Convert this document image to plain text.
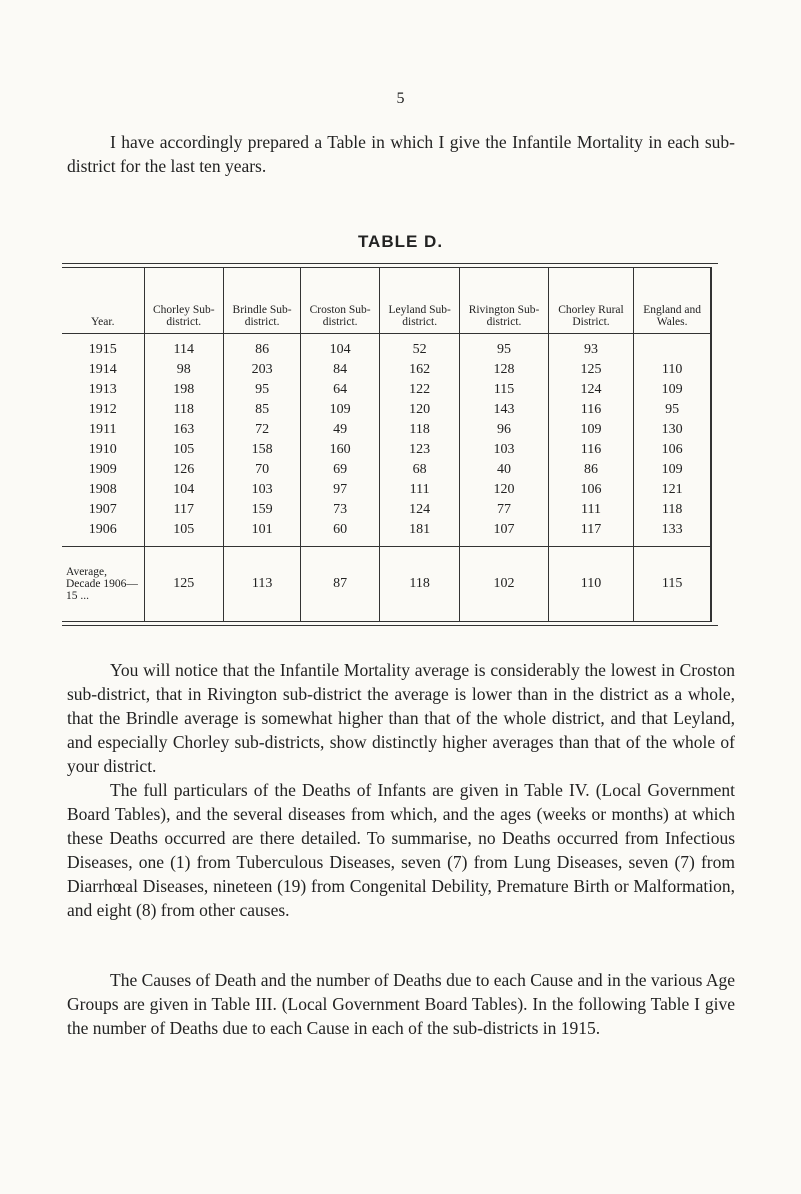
5

I have accordingly prepared a Table in which I give the Infantile Mortality in each sub-district for the last ten years.

TABLE D.
Year.	Chorley Sub-district.	Brindle Sub-district.	Croston Sub-district.	Leyland Sub-district.	Rivington Sub-district.	Chorley Rural District.	England and Wales.
1915	114	86	104	52	95	93	
1914	98	203	84	162	128	125	110
1913	198	95	64	122	115	124	109
1912	118	85	109	120	143	116	95
1911	163	72	49	118	96	109	130
1910	105	158	160	123	103	116	106
1909	126	70	69	68	40	86	109
1908	104	103	97	111	120	106	121
1907	117	159	73	124	77	111	118
1906	105	101	60	181	107	117	133
Average, Decade 1906—15 ...	125	113	87	118	102	110	115

You will notice that the Infantile Mortality average is considerably the lowest in Croston sub-district, that in Rivington sub-district the average is lower than in the district as a whole, that the Brindle average is somewhat higher than that of the whole district, and that Leyland, and especially Chorley sub-districts, show distinctly higher averages than that of the whole of your district.

The full particulars of the Deaths of Infants are given in Table IV. (Local Government Board Tables), and the several diseases from which, and the ages (weeks or months) at which these Deaths occurred are there detailed. To summarise, no Deaths occurred from Infectious Diseases, one (1) from Tuberculous Diseases, seven (7) from Lung Diseases, seven (7) from Diarrhœal Diseases, nineteen (19) from Congenital Debility, Premature Birth or Malformation, and eight (8) from other causes.

The Causes of Death and the number of Deaths due to each Cause and in the various Age Groups are given in Table III. (Local Government Board Tables). In the following Table I give the number of Deaths due to each Cause in each of the sub-districts in 1915.
